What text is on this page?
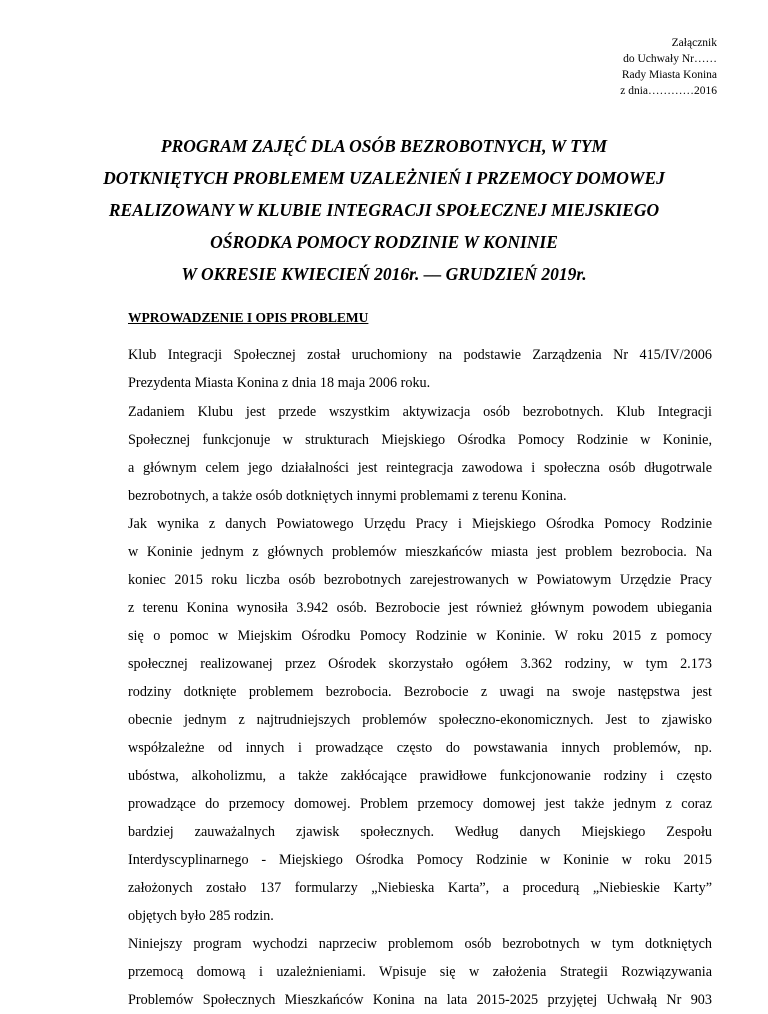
Załącznik
do Uchwały Nr……
Rady Miasta Konina
z dnia…………2016
PROGRAM ZAJĘĆ DLA OSÓB BEZROBOTNYCH, W TYM
DOTKNIĘTYCH PROBLEMEM UZALEŻNIEŃ I PRZEMOCY DOMOWEJ
REALIZOWANY W KLUBIE INTEGRACJI SPOŁECZNEJ MIEJSKIEGO
OŚRODKA POMOCY RODZINIE W KONINIE
W OKRESIE KWIECIEŃ 2016r. –– GRUDZIEŃ 2019r.
WPROWADZENIE I OPIS PROBLEMU
Klub Integracji Społecznej został uruchomiony na podstawie Zarządzenia Nr 415/IV/2006
Prezydenta Miasta Konina z dnia 18 maja 2006 roku.
Zadaniem Klubu jest przede wszystkim aktywizacja osób bezrobotnych. Klub Integracji
Społecznej funkcjonuje w strukturach Miejskiego Ośrodka Pomocy Rodzinie w Koninie,
a głównym celem jego działalności jest reintegracja zawodowa i społeczna osób długotrwale
bezrobotnych, a także osób dotkniętych innymi problemami z terenu Konina.
Jak wynika z danych Powiatowego Urzędu Pracy i Miejskiego Ośrodka Pomocy Rodzinie
w Koninie jednym z głównych problemów mieszkańców miasta jest problem bezrobocia. Na
koniec 2015 roku liczba osób bezrobotnych zarejestrowanych w Powiatowym Urzędzie Pracy
z terenu Konina wynosiła 3.942 osób. Bezrobocie jest również głównym powodem ubiegania
się o pomoc w Miejskim Ośrodku Pomocy Rodzinie w Koninie. W roku 2015 z pomocy
społecznej realizowanej przez Ośrodek skorzystało ogółem 3.362 rodziny, w tym 2.173
rodziny dotknięte problemem bezrobocia. Bezrobocie z uwagi na swoje następstwa jest
obecnie jednym z najtrudniejszych problemów społeczno-ekonomicznych. Jest to zjawisko
współzależne od innych i prowadzące często do powstawania innych problemów, np.
ubóstwa, alkoholizmu, a także zakłócające prawidłowe funkcjonowanie rodziny i często
prowadzące do przemocy domowej. Problem przemocy domowej jest także jednym z coraz
bardziej zauważalnych zjawisk społecznych. Według danych Miejskiego Zespołu
Interdyscyplinarnego - Miejskiego Ośrodka Pomocy Rodzinie w Koninie w roku 2015
założonych zostało 137 formularzy „Niebieska Karta”, a procedurą „Niebieskie Karty”
objętych było 285 rodzin.
Niniejszy program wychodzi naprzeciw problemom osób bezrobotnych w tym dotkniętych
przemocą domową i uzależnieniami. Wpisuje się w założenia Strategii Rozwiązywania
Problemów Społecznych Mieszkańców Konina na lata 2015-2025 przyjętej Uchwałą Nr 903
